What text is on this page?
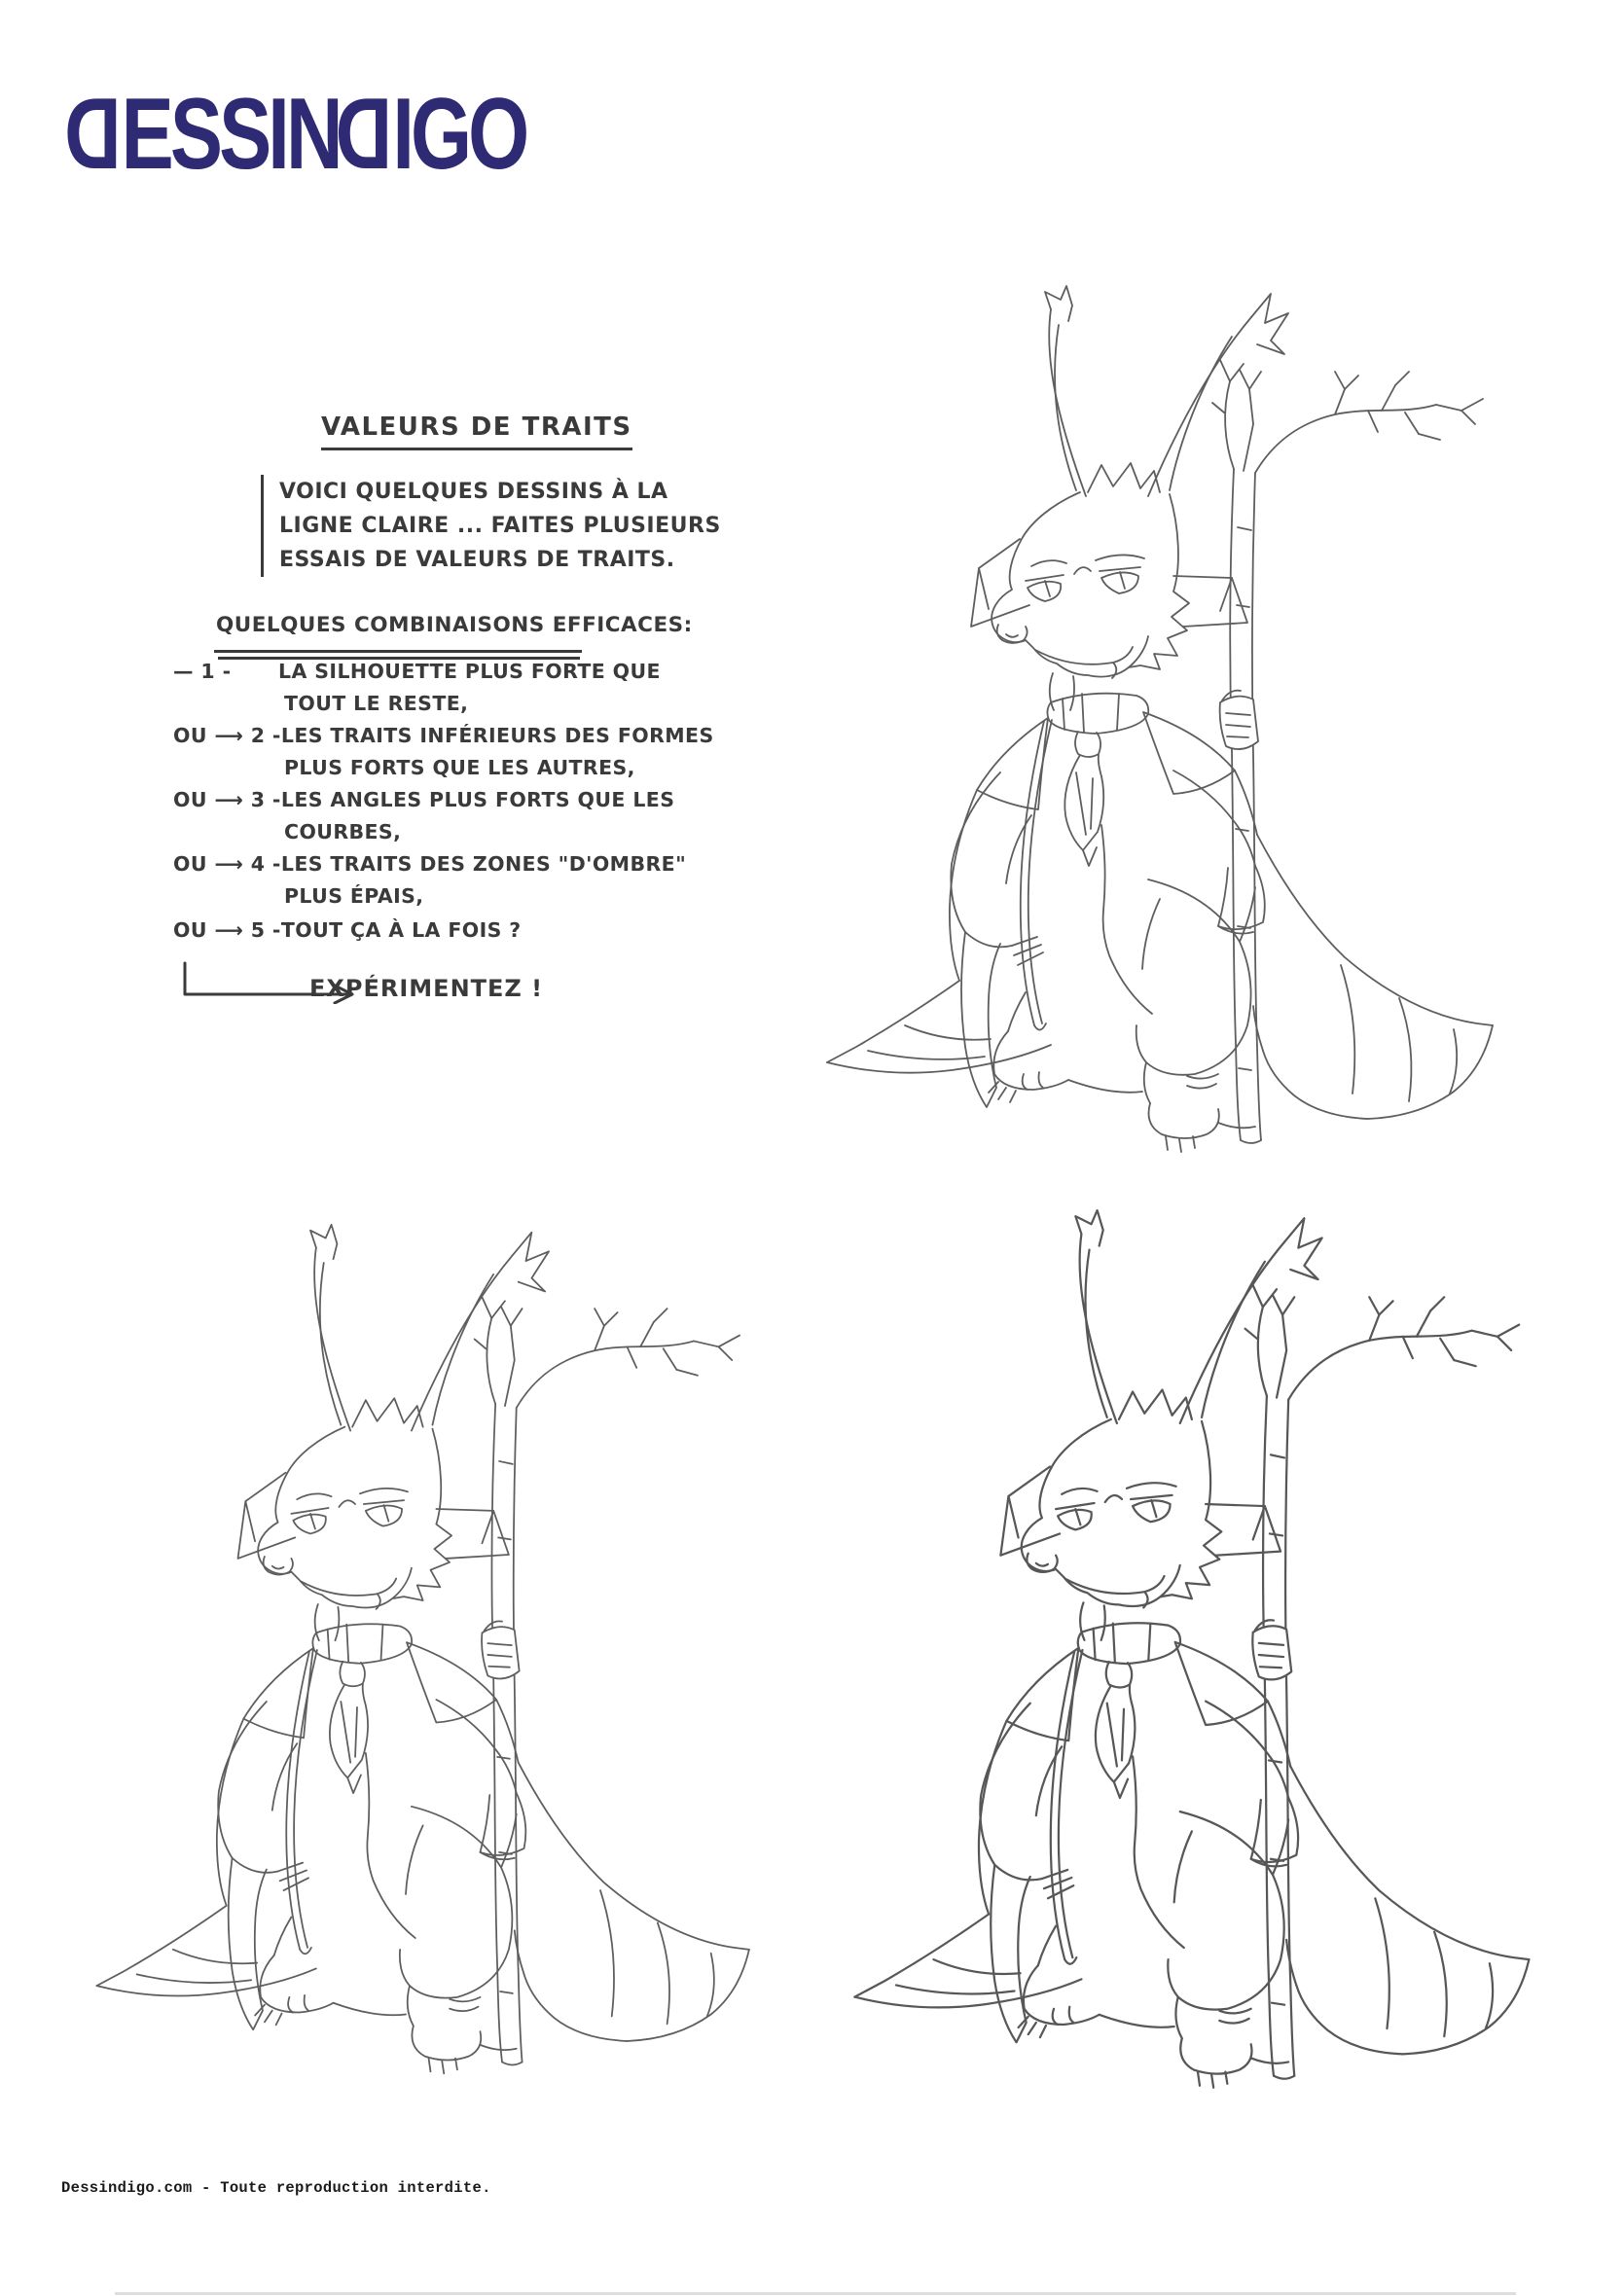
DESSINDIGO
VALEURS DE TRAITS
VOICI QUELQUES DESSINS À LA
LIGNE CLAIRE ... FAITES PLUSIEURS
ESSAIS DE VALEURS DE TRAITS.
QUELQUES COMBINAISONS EFFICACES:
— 1 - LA SILHOUETTE PLUS FORTE QUE
TOUT LE RESTE,
OU ⟶ 2 -LES TRAITS INFÉRIEURS DES FORMES
PLUS FORTS QUE LES AUTRES,
OU ⟶ 3 -LES ANGLES PLUS FORTS QUE LES
COURBES,
OU ⟶ 4 -LES TRAITS DES ZONES "D'OMBRE"
PLUS ÉPAIS,
OU ⟶ 5 -TOUT ÇA À LA FOIS ?
EXPÉRIMENTEZ !
Dessindigo.com - Toute reproduction interdite.
